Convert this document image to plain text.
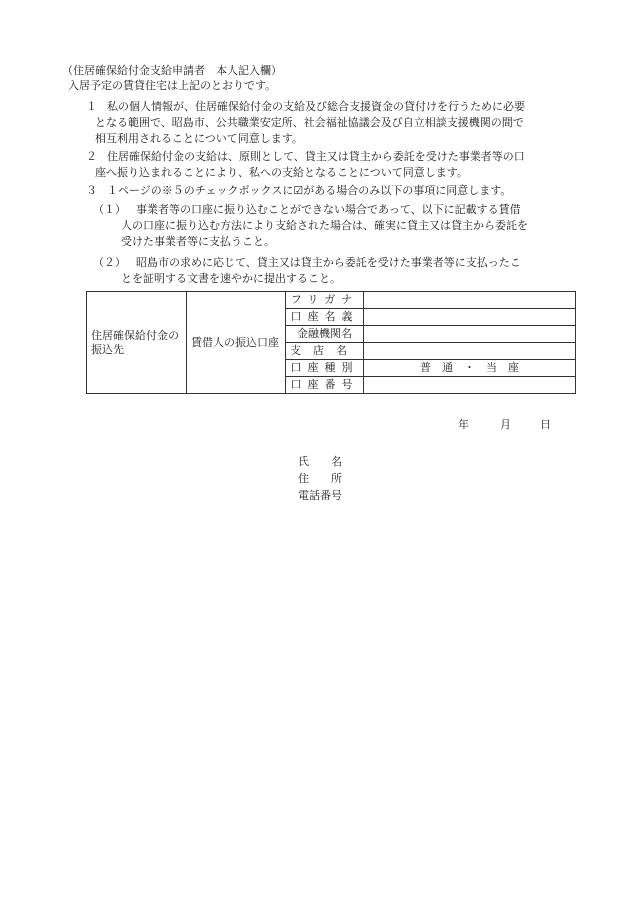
（住居確保給付金支給申請者　本人記入欄）
入居予定の賃貸住宅は上記のとおりです。
１ 私の個人情報が、住居確保給付金の支給及び総合支援資金の貸付けを行うために必要
となる範囲で、昭島市、公共職業安定所、社会福祉協議会及び自立相談支援機関の間で
相互利用されることについて同意します。
２ 住居確保給付金の支給は、原則として、貸主又は貸主から委託を受けた事業者等の口
座へ振り込まれることにより、私への支給となることについて同意します。
３ １ページの※５のチェックボックスに☑がある場合のみ以下の事項に同意します。
（１） 事業者等の口座に振り込むことができない場合であって、以下に記載する賃借
人の口座に振り込む方法により支給された場合は、確実に貸主又は貸主から委託を
受けた事業者等に支払うこと。
（２） 昭島市の求めに応じて、貸主又は貸主から委託を受けた事業者等に支払ったこ
とを証明する文書を速やかに提出すること。
住居確保給付金の振込先	賃借人の振込口座	フリガナ	
		口座名義	
		金融機関名	
		支店名	
		口座種別	普　通　・　当　座
		口座番号	
年	月	日
氏　　名
住　　所
電話番号
